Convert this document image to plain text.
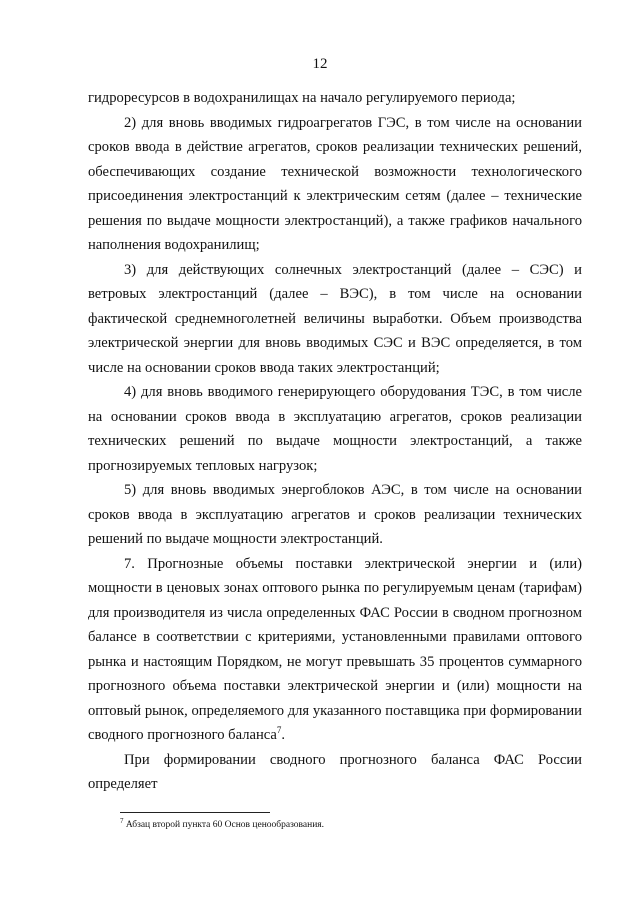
12

гидроресурсов в водохранилищах на начало регулируемого периода;

2) для вновь вводимых гидроагрегатов ГЭС, в том числе на основании сроков ввода в действие агрегатов, сроков реализации технических решений, обеспечивающих создание технической возможности технологического присоединения электростанций к электрическим сетям (далее – технические решения по выдаче мощности электростанций), а также графиков начального наполнения водохранилищ;

3) для действующих солнечных электростанций (далее – СЭС) и ветровых электростанций (далее – ВЭС), в том числе на основании фактической среднемноголетней величины выработки. Объем производства электрической энергии для вновь вводимых СЭС и ВЭС определяется, в том числе на основании сроков ввода таких электростанций;

4) для вновь вводимого генерирующего оборудования ТЭС, в том числе на основании сроков ввода в эксплуатацию агрегатов, сроков реализации технических решений по выдаче мощности электростанций, а также прогнозируемых тепловых нагрузок;

5) для вновь вводимых энергоблоков АЭС, в том числе на основании сроков ввода в эксплуатацию агрегатов и сроков реализации технических решений по выдаче мощности электростанций.

7. Прогнозные объемы поставки электрической энергии и (или) мощности в ценовых зонах оптового рынка по регулируемым ценам (тарифам) для производителя из числа определенных ФАС России в сводном прогнозном балансе в соответствии с критериями, установленными правилами оптового рынка и настоящим Порядком, не могут превышать 35 процентов суммарного прогнозного объема поставки электрической энергии и (или) мощности на оптовый рынок, определяемого для указанного поставщика при формировании сводного прогнозного баланса$^7$.

При формировании сводного прогнозного баланса ФАС России определяет

$^7$ Абзац второй пункта 60 Основ ценообразования.
